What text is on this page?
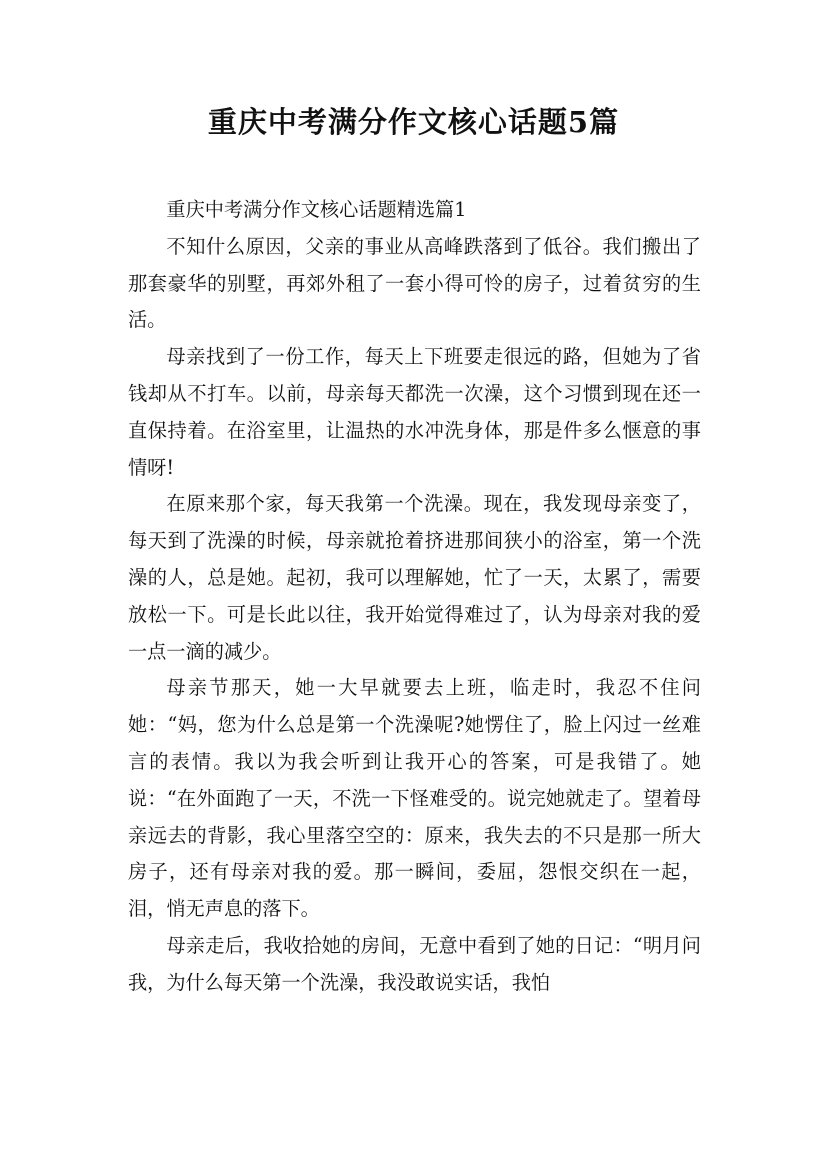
重庆中考满分作文核心话题5篇

重庆中考满分作文核心话题精选篇1

不知什么原因，父亲的事业从高峰跌落到了低谷。我们搬出了那套豪华的别墅，再郊外租了一套小得可怜的房子，过着贫穷的生活。

母亲找到了一份工作，每天上下班要走很远的路，但她为了省钱却从不打车。以前，母亲每天都洗一次澡，这个习惯到现在还一直保持着。在浴室里，让温热的水冲洗身体，那是件多么惬意的事情呀!

在原来那个家，每天我第一个洗澡。现在，我发现母亲变了，每天到了洗澡的时候，母亲就抢着挤进那间狭小的浴室，第一个洗澡的人，总是她。起初，我可以理解她，忙了一天，太累了，需要放松一下。可是长此以往，我开始觉得难过了，认为母亲对我的爱一点一滴的减少。

母亲节那天，她一大早就要去上班，临走时，我忍不住问她：“妈，您为什么总是第一个洗澡呢?她愣住了，脸上闪过一丝难言的表情。我以为我会听到让我开心的答案，可是我错了。她说：“在外面跑了一天，不洗一下怪难受的。说完她就走了。望着母亲远去的背影，我心里落空空的：原来，我失去的不只是那一所大房子，还有母亲对我的爱。那一瞬间，委屈，怨恨交织在一起，泪，悄无声息的落下。

母亲走后，我收拾她的房间，无意中看到了她的日记：“明月问我，为什么每天第一个洗澡，我没敢说实话，我怕
